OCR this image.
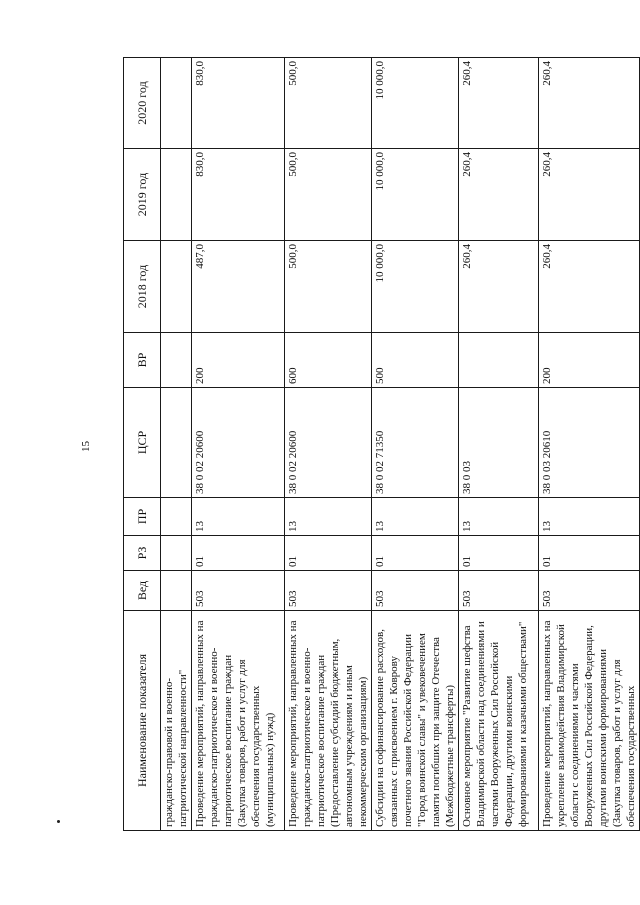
15
Наименование показателя	Вед	РЗ	ПР	ЦСР	ВР	2018 год	2019 год	2020 год
гражданско-правовой и военно-патриотической направленности"								
Проведение мероприятий, направленных на гражданско-патриотическое и военно-патриотическое воспитание граждан (Закупка товаров, работ и услуг для обеспечения государственных (муниципальных) нужд)	503	01	13	38 0 02 20600	200	487,0	830,0	830,0
Проведение мероприятий, направленных на гражданско-патриотическое и военно-патриотическое воспитание граждан (Предоставление субсидий бюджетным, автономным учреждениям и иным некоммерческим организациям)	503	01	13	38 0 02 20600	600	500,0	500,0	500,0
Субсидии на софинансирование расходов, связанных с присвоением г. Коврову почетного звания Российской Федерации "Город воинской славы" и увековечением памяти погибших при защите Отечества (Межбюджетные трансферты)	503	01	13	38 0 02 71350	500	10 000,0	10 000,0	10 000,0
Основное мероприятие "Развитие шефства Владимирской области над соединениями и частями Вооруженных Сил Российской Федерации, другими воинскими формированиями и казачьими обществами"	503	01	13	38 0 03		260,4	260,4	260,4
Проведение мероприятий, направленных на укрепление взаимодействия Владимирской области с соединениями и частями Вооруженных Сил Российской Федерации, другими воинскими формированиями (Закупка товаров, работ и услуг для обеспечения государственных	503	01	13	38 0 03 20610	200	260,4	260,4	260,4
